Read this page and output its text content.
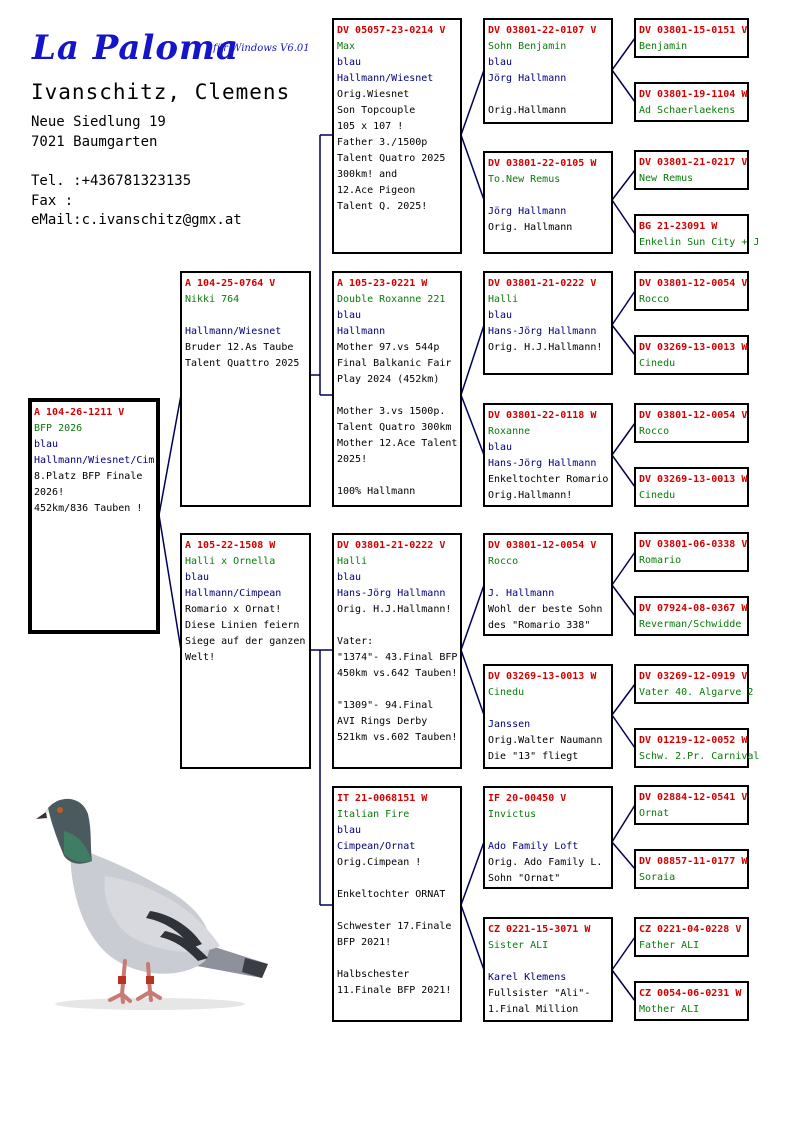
La Paloma
für Windows V6.01
Ivanschitz, Clemens
Neue Siedlung 19
7021 Baumgarten
Tel. :+436781323135
Fax :
eMail:c.ivanschitz@gmx.at
A 104-26-1211 V
BFP 2026
blau
Hallmann/Wiesnet/Cim
8.Platz BFP Finale
2026!
452km/836 Tauben !
A 104-25-0764 V
Nikki 764
Hallmann/Wiesnet
Bruder 12.As Taube
Talent Quattro 2025
A 105-22-1508 W
Halli x Ornella
blau
Hallmann/Cimpean
Romario x Ornat!
Diese Linien feiern
Siege auf der ganzen
Welt!
DV 05057-23-0214 V
Max
blau
Hallmann/Wiesnet
Orig.Wiesnet
Son Topcouple
105 x 107 !
Father 3./1500p
Talent Quatro 2025
300km! and
12.Ace Pigeon
Talent Q. 2025!
A 105-23-0221 W
Double Roxanne 221
blau
Hallmann
Mother 97.vs 544p
Final Balkanic Fair
Play 2024 (452km)
Mother 3.vs 1500p.
Talent Quatro 300km
Mother 12.Ace Talent
2025!
100% Hallmann
DV 03801-21-0222 V
Halli
blau
Hans-Jörg Hallmann
Orig. H.J.Hallmann!
Vater:
"1374"- 43.Final BFP
450km vs.642 Tauben!
"1309"- 94.Final
AVI Rings Derby
521km vs.602 Tauben!
IT 21-0068151 W
Italian Fire
blau
Cimpean/Ornat
Orig.Cimpean !
Enkeltochter ORNAT
Schwester 17.Finale
BFP 2021!
Halbschester
11.Finale BFP 2021!
DV 03801-22-0107 V
Sohn Benjamin
blau
Jörg Hallmann
Orig.Hallmann
DV 03801-22-0105 W
To.New Remus
Jörg Hallmann
Orig. Hallmann
DV 03801-21-0222 V
Halli
blau
Hans-Jörg Hallmann
Orig. H.J.Hallmann!
DV 03801-22-0118 W
Roxanne
blau
Hans-Jörg Hallmann
Enkeltochter Romario
Orig.Hallmann!
DV 03801-12-0054 V
Rocco
J. Hallmann
Wohl der beste Sohn
des "Romario 338"
DV 03269-13-0013 W
Cinedu
Janssen
Orig.Walter Naumann
Die "13" fliegt
IF 20-00450 V
Invictus
Ado Family Loft
Orig. Ado Family L.
Sohn "Ornat"
CZ 0221-15-3071 W
Sister ALI
Karel Klemens
Fullsister "Ali"-
1.Final Million
DV 03801-15-0151 V
Benjamin
DV 03801-19-1104 W
Ad Schaerlaekens
DV 03801-21-0217 V
New Remus
BG 21-23091 W
Enkelin Sun City + J
DV 03801-12-0054 V
Rocco
DV 03269-13-0013 W
Cinedu
DV 03801-12-0054 V
Rocco
DV 03269-13-0013 W
Cinedu
DV 03801-06-0338 V
Romario
DV 07924-08-0367 W
Reverman/Schwidde
DV 03269-12-0919 V
Vater 40. Algarve 2
DV 01219-12-0052 W
Schw. 2.Pr. Carnival
DV 02884-12-0541 V
Ornat
DV 08857-11-0177 W
Soraia
CZ 0221-04-0228 V
Father ALI
CZ 0054-06-0231 W
Mother ALI
